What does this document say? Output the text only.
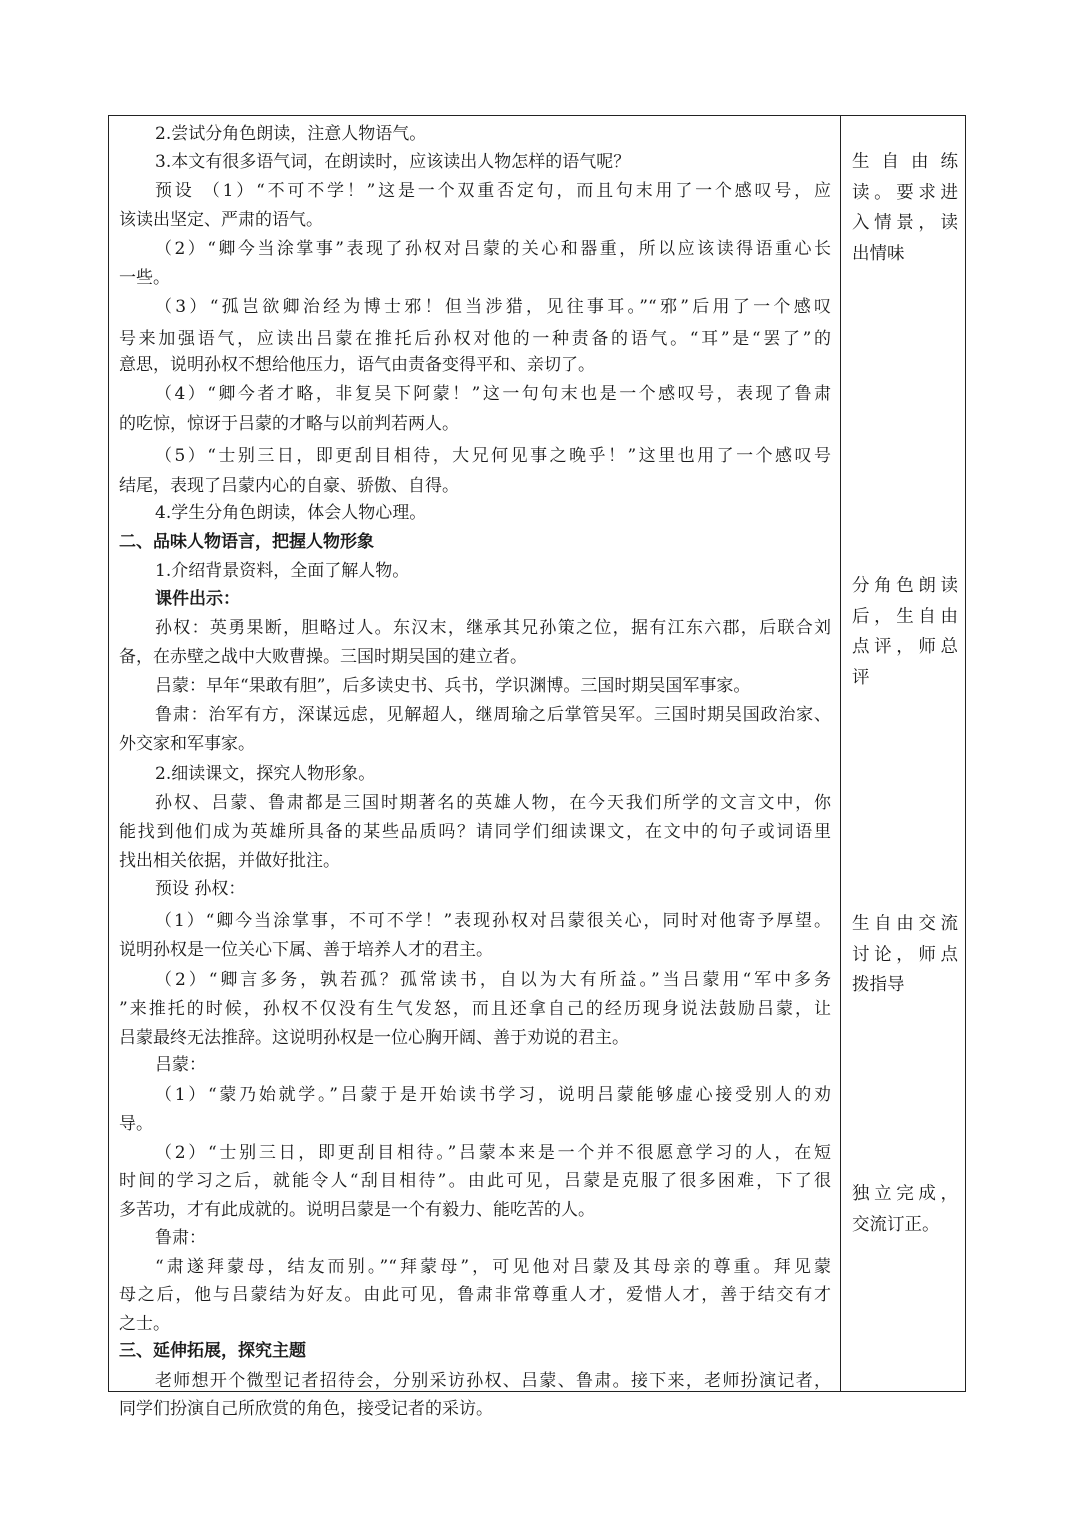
2.尝试分角色朗读，注意人物语气。
3.本文有很多语气词，在朗读时，应该读出人物怎样的语气呢？
预设 （1）“不可不学！”这是一个双重否定句，而且句末用了一个感叹号，应
该读出坚定、严肃的语气。
（2）“卿今当涂掌事”表现了孙权对吕蒙的关心和器重，所以应该读得语重心长
一些。
（3）“孤岂欲卿治经为博士邪！但当涉猎，见往事耳。”“邪”后用了一个感叹
号来加强语气，应读出吕蒙在推托后孙权对他的一种责备的语气。“耳”是“罢了”的
意思，说明孙权不想给他压力，语气由责备变得平和、亲切了。
（4）“卿今者才略，非复吴下阿蒙！”这一句句末也是一个感叹号，表现了鲁肃
的吃惊，惊讶于吕蒙的才略与以前判若两人。
（5）“士别三日，即更刮目相待，大兄何见事之晚乎！”这里也用了一个感叹号
结尾，表现了吕蒙内心的自豪、骄傲、自得。
4.学生分角色朗读，体会人物心理。
二、品味人物语言，把握人物形象
1.介绍背景资料，全面了解人物。
课件出示：
孙权：英勇果断，胆略过人。东汉末，继承其兄孙策之位，据有江东六郡，后联合刘
备，在赤壁之战中大败曹操。三国时期吴国的建立者。
吕蒙：早年“果敢有胆”，后多读史书、兵书，学识渊博。三国时期吴国军事家。
鲁肃：治军有方，深谋远虑，见解超人，继周瑜之后掌管吴军。三国时期吴国政治家、
外交家和军事家。
2.细读课文，探究人物形象。
孙权、吕蒙、鲁肃都是三国时期著名的英雄人物，在今天我们所学的文言文中，你
能找到他们成为英雄所具备的某些品质吗？请同学们细读课文，在文中的句子或词语里
找出相关依据，并做好批注。
预设 孙权：
（1）“卿今当涂掌事，不可不学！”表现孙权对吕蒙很关心，同时对他寄予厚望。
说明孙权是一位关心下属、善于培养人才的君主。
（2）“卿言多务，孰若孤？孤常读书，自以为大有所益。”当吕蒙用“军中多务
”来推托的时候，孙权不仅没有生气发怒，而且还拿自己的经历现身说法鼓励吕蒙，让
吕蒙最终无法推辞。这说明孙权是一位心胸开阔、善于劝说的君主。
吕蒙：
（1）“蒙乃始就学。”吕蒙于是开始读书学习，说明吕蒙能够虚心接受别人的劝
导。
（2）“士别三日，即更刮目相待。”吕蒙本来是一个并不很愿意学习的人，在短
时间的学习之后，就能令人“刮目相待”。由此可见，吕蒙是克服了很多困难，下了很
多苦功，才有此成就的。说明吕蒙是一个有毅力、能吃苦的人。
鲁肃：
“肃遂拜蒙母，结友而别。”“拜蒙母”，可见他对吕蒙及其母亲的尊重。拜见蒙
母之后，他与吕蒙结为好友。由此可见，鲁肃非常尊重人才，爱惜人才，善于结交有才
之士。
三、延伸拓展，探究主题
老师想开个微型记者招待会，分别采访孙权、吕蒙、鲁肃。接下来，老师扮演记者，
同学们扮演自己所欣赏的角色，接受记者的采访。
生自由练
读。要求进
入情景，读
出情味
分角色朗读
后，生自由
点评，师总
评
生自由交流
讨论，师点
拨指导
独立完成，
交流订正。
